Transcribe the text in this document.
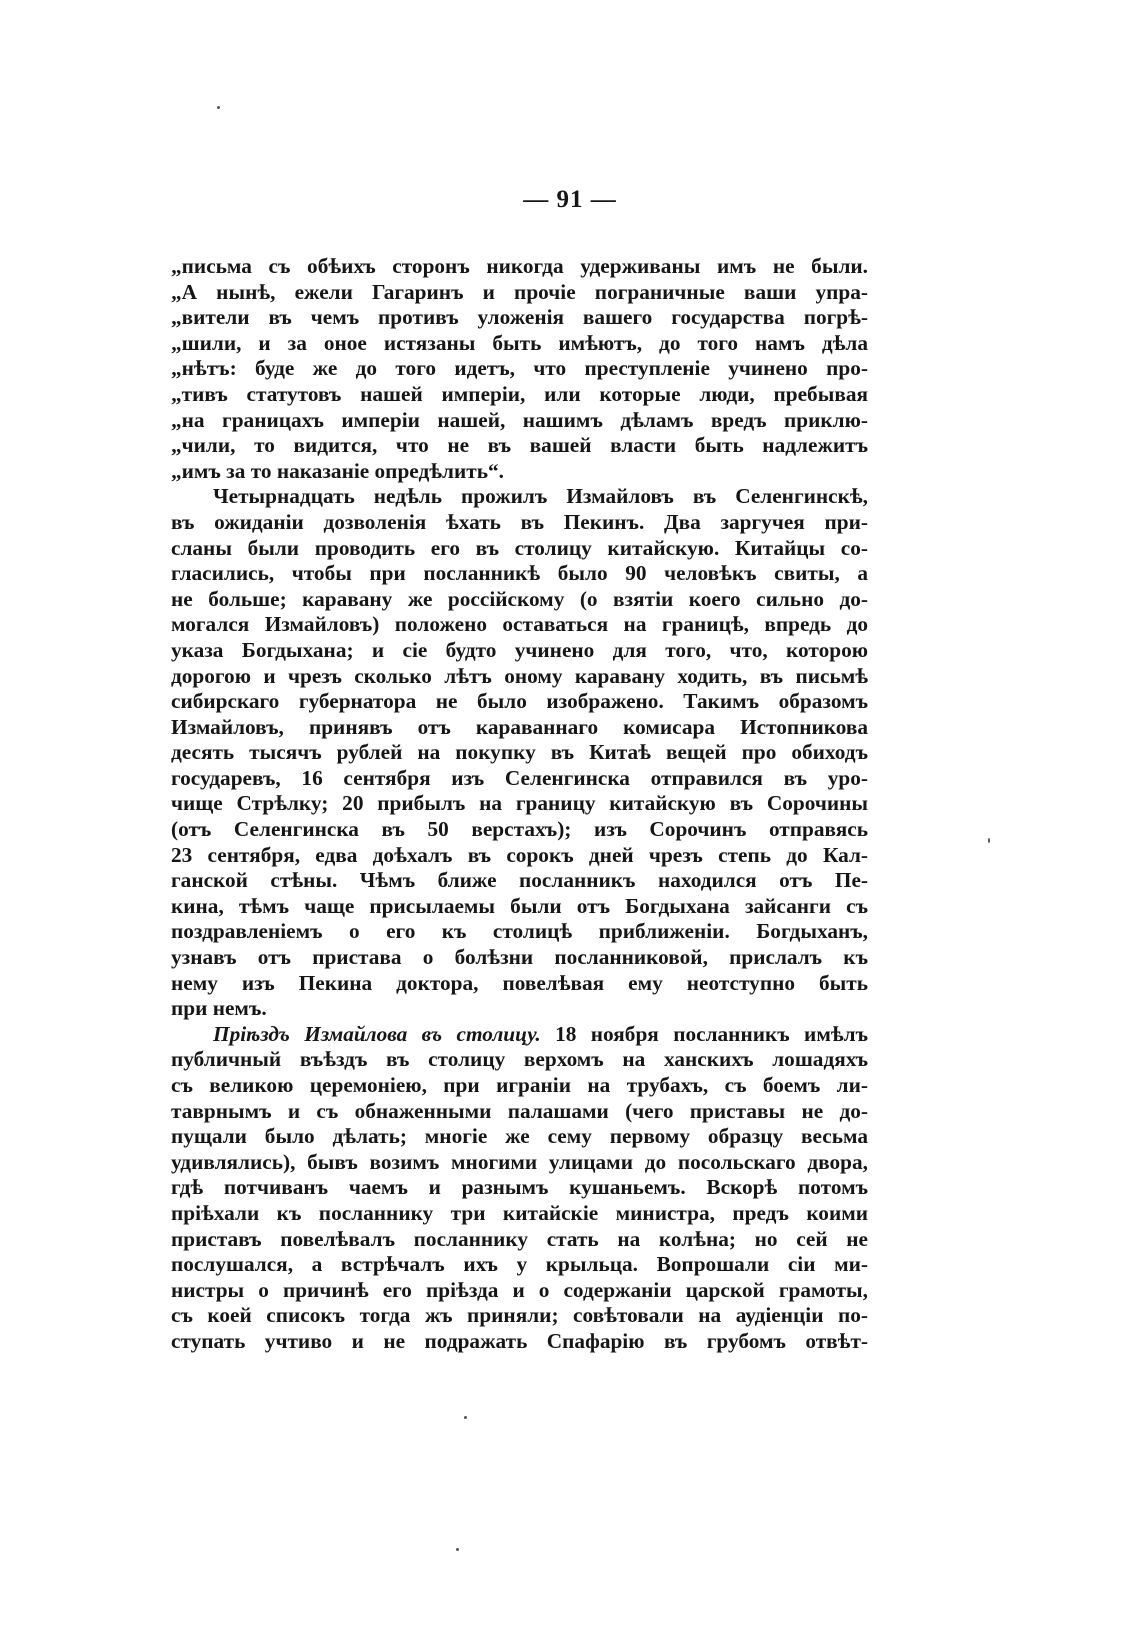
— 91 —
„письма съ обѣихъ сторонъ никогда удерживаны имъ не были.
„А нынѣ, ежели Гагаринъ и прочіе пограничные ваши упра-
„вители въ чемъ противъ уложенія вашего государства погрѣ-
„шили, и за оное истязаны быть имѣютъ, до того намъ дѣла
„нѣтъ: буде же до того идетъ, что преступленіе учинено про-
„тивъ статутовъ нашей имперіи, или которые люди, пребывая
„на границахъ имперіи нашей, нашимъ дѣламъ вредъ приклю-
„чили, то видится, что не въ вашей власти быть надлежитъ
„имъ за то наказаніе опредѣлить“.
Четырнадцать недѣль прожилъ Измайловъ въ Селенгинскѣ,
въ ожиданіи дозволенія ѣхать въ Пекинъ. Два заргучея при-
сланы были проводить его въ столицу китайскую. Китайцы со-
гласились, чтобы при посланникѣ было 90 человѣкъ свиты, а
не больше; каравану же россійскому (о взятіи коего сильно до-
могался Измайловъ) положено оставаться на границѣ, впредь до
указа Богдыхана; и сіе будто учинено для того, что, которою
дорогою и чрезъ сколько лѣтъ оному каравану ходить, въ письмѣ
сибирскаго губернатора не было изображено. Такимъ образомъ
Измайловъ, принявъ отъ караваннаго комисара Истопникова
десять тысячъ рублей на покупку въ Китаѣ вещей про обиходъ
государевъ, 16 сентября изъ Селенгинска отправился въ уро-
чище Стрѣлку; 20 прибылъ на границу китайскую въ Сорочины
(отъ Селенгинска въ 50 верстахъ); изъ Сорочинъ отправясь
23 сентября, едва доѣхалъ въ сорокъ дней чрезъ степь до Кал-
ганской стѣны. Чѣмъ ближе посланникъ находился отъ Пе-
кина, тѣмъ чаще присылаемы были отъ Богдыхана зайсанги съ
поздравленіемъ о его къ столицѣ приближеніи. Богдыханъ,
узнавъ отъ пристава о болѣзни посланниковой, прислалъ къ
нему изъ Пекина доктора, повелѣвая ему неотступно быть
при немъ.
Пріѣздъ Измайлова въ столицу. 18 ноября посланникъ имѣлъ
публичный въѣздъ въ столицу верхомъ на ханскихъ лошадяхъ
съ великою церемоніею, при играніи на трубахъ, съ боемъ ли-
таврнымъ и съ обнаженными палашами (чего приставы не до-
пущали было дѣлать; многіе же сему первому образцу весьма
удивлялись), бывъ возимъ многими улицами до посольскаго двора,
гдѣ потчиванъ чаемъ и разнымъ кушаньемъ. Вскорѣ потомъ
пріѣхали къ посланнику три китайскіе министра, предъ коими
приставъ повелѣвалъ посланнику стать на колѣна; но сей не
послушался, а встрѣчалъ ихъ у крыльца. Вопрошали сіи ми-
нистры о причинѣ его пріѣзда и о содержаніи царской грамоты,
съ коей списокъ тогда жъ приняли; совѣтовали на аудіенціи по-
ступать учтиво и не подражать Спафарію въ грубомъ отвѣт-
